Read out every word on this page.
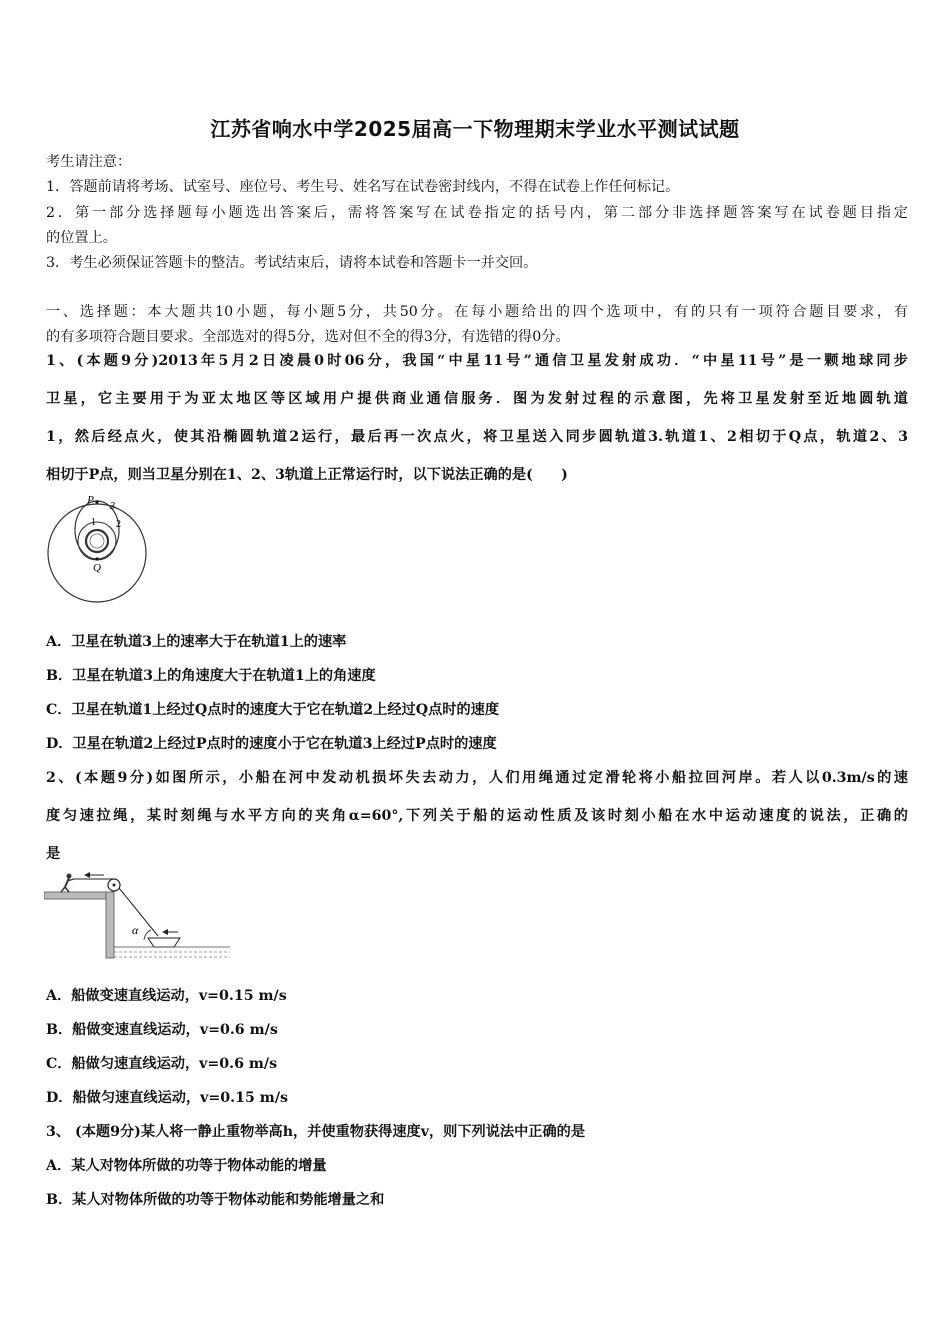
江苏省响水中学2025届高一下物理期末学业水平测试试题
考生请注意：
1．答题前请将考场、试室号、座位号、考生号、姓名写在试卷密封线内，不得在试卷上作任何标记。
2．第一部分选择题每小题选出答案后，需将答案写在试卷指定的括号内，第二部分非选择题答案写在试卷题目指定
的位置上。
3．考生必须保证答题卡的整洁。考试结束后，请将本试卷和答题卡一并交回。
一、选择题：本大题共10小题，每小题5分，共50分。在每小题给出的四个选项中，有的只有一项符合题目要求，有
的有多项符合题目要求。全部选对的得5分，选对但不全的得3分，有选错的得0分。
1、(本题9分)2013年5月2日凌晨0时06分，我国“中星11号”通信卫星发射成功．“中星11号”是一颗地球同步
卫星，它主要用于为亚太地区等区域用户提供商业通信服务．图为发射过程的示意图，先将卫星发射至近地圆轨道
1，然后经点火，使其沿椭圆轨道2运行，最后再一次点火，将卫星送入同步圆轨道3.轨道1、2相切于Q点，轨道2、3
相切于P点，则当卫星分别在1、2、3轨道上正常运行时，以下说法正确的是(　　)
P
Q
1 2
3
A．卫星在轨道3上的速率大于在轨道1上的速率
B．卫星在轨道3上的角速度大于在轨道1上的角速度
C．卫星在轨道1上经过Q点时的速度大于它在轨道2上经过Q点时的速度
D．卫星在轨道2上经过P点时的速度小于它在轨道3上经过P点时的速度
2、(本题9分)如图所示，小船在河中发动机损坏失去动力，人们用绳通过定滑轮将小船拉回河岸。若人以0.3m/s的速
度匀速拉绳，某时刻绳与水平方向的夹角α=60°,下列关于船的运动性质及该时刻小船在水中运动速度的说法，正确的
是
α
A．船做变速直线运动，v=0.15 m/s
B．船做变速直线运动，v=0.6 m/s
C．船做匀速直线运动，v=0.6 m/s
D．船做匀速直线运动，v=0.15 m/s
3、 (本题9分)某人将一静止重物举高h，并使重物获得速度v，则下列说法中正确的是
A．某人对物体所做的功等于物体动能的增量
B．某人对物体所做的功等于物体动能和势能增量之和
